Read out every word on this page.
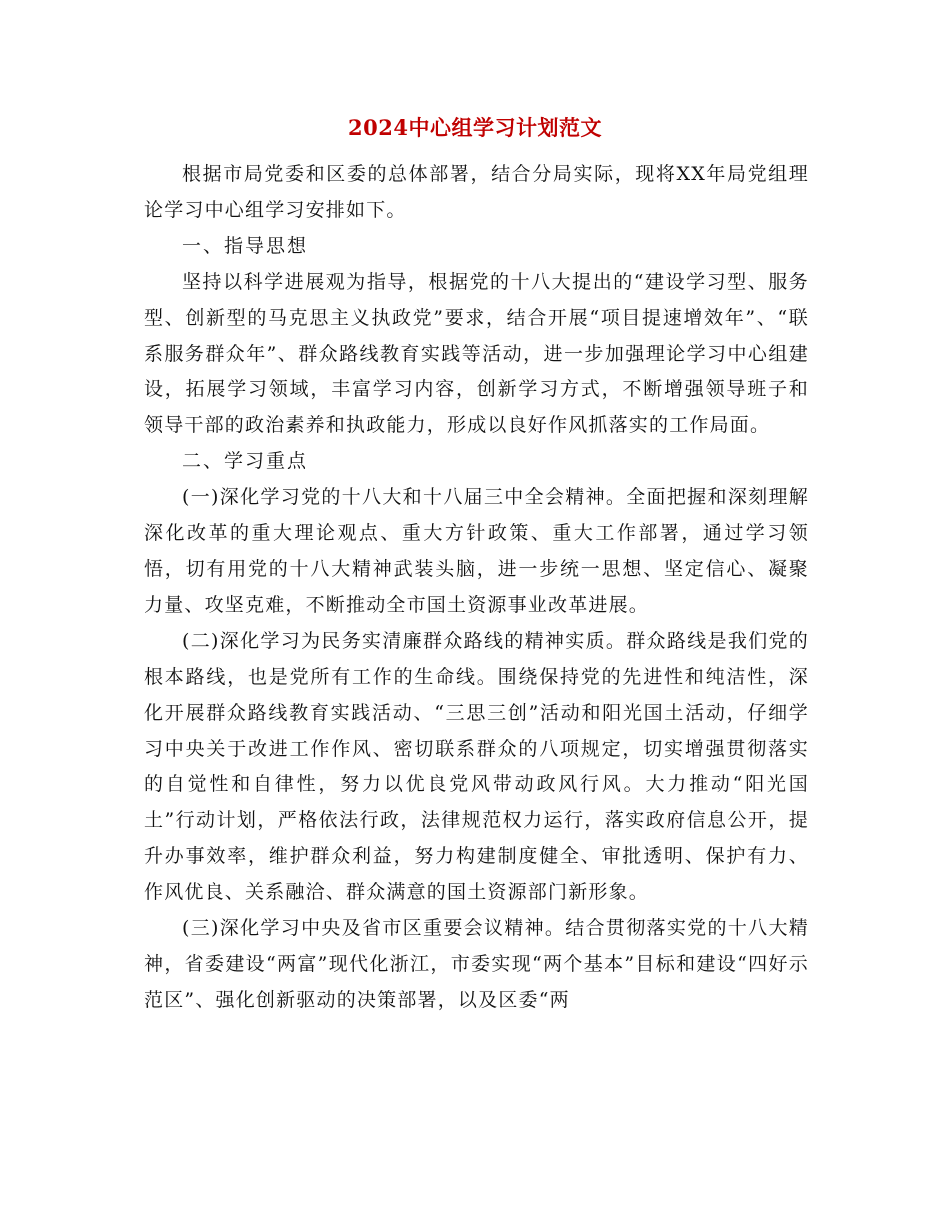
2024中心组学习计划范文

根据市局党委和区委的总体部署，结合分局实际，现将XX年局党组理论学习中心组学习安排如下。

一、指导思想

坚持以科学进展观为指导，根据党的十八大提出的“建设学习型、服务型、创新型的马克思主义执政党”要求，结合开展“项目提速增效年”、“联系服务群众年”、群众路线教育实践等活动，进一步加强理论学习中心组建设，拓展学习领域，丰富学习内容，创新学习方式，不断增强领导班子和领导干部的政治素养和执政能力，形成以良好作风抓落实的工作局面。

二、学习重点

(一)深化学习党的十八大和十八届三中全会精神。全面把握和深刻理解深化改革的重大理论观点、重大方针政策、重大工作部署，通过学习领悟，切有用党的十八大精神武装头脑，进一步统一思想、坚定信心、凝聚力量、攻坚克难，不断推动全市国土资源事业改革进展。

(二)深化学习为民务实清廉群众路线的精神实质。群众路线是我们党的根本路线，也是党所有工作的生命线。围绕保持党的先进性和纯洁性，深化开展群众路线教育实践活动、“三思三创”活动和阳光国土活动，仔细学习中央关于改进工作作风、密切联系群众的八项规定，切实增强贯彻落实的自觉性和自律性，努力以优良党风带动政风行风。大力推动“阳光国土”行动计划，严格依法行政，法律规范权力运行，落实政府信息公开，提升办事效率，维护群众利益，努力构建制度健全、审批透明、保护有力、作风优良、关系融洽、群众满意的国土资源部门新形象。

(三)深化学习中央及省市区重要会议精神。结合贯彻落实党的十八大精神，省委建设“两富”现代化浙江，市委实现“两个基本”目标和建设“四好示范区”、强化创新驱动的决策部署，以及区委“两
